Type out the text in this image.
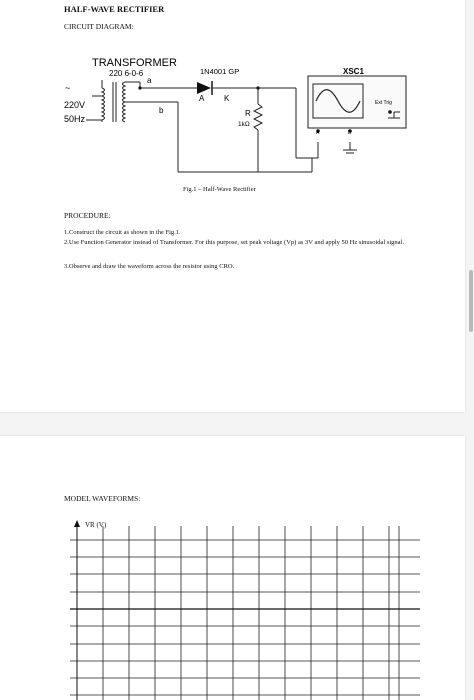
HALF-WAVE RECTIFIER
CIRCUIT DIAGRAM:
TRANSFORMER
220 6-0-6
a
b
1N4001 GP
A K
R
1kΩ
~
220V
50Hz
XSC1
A	B
Ext Trig
Fig.1 – Half-Wave Rectifier
PROCEDURE:
1.Construct the circuit as shown in the Fig.1.
2.Use Function Generator instead of Transformer. For this purpose, set peak voltage (Vp) as 3V and apply 50 Hz sinusoidal signal.
3.Observe and draw the waveform across the resistor using CRO.
MODEL WAVEFORMS:
VR (V)
